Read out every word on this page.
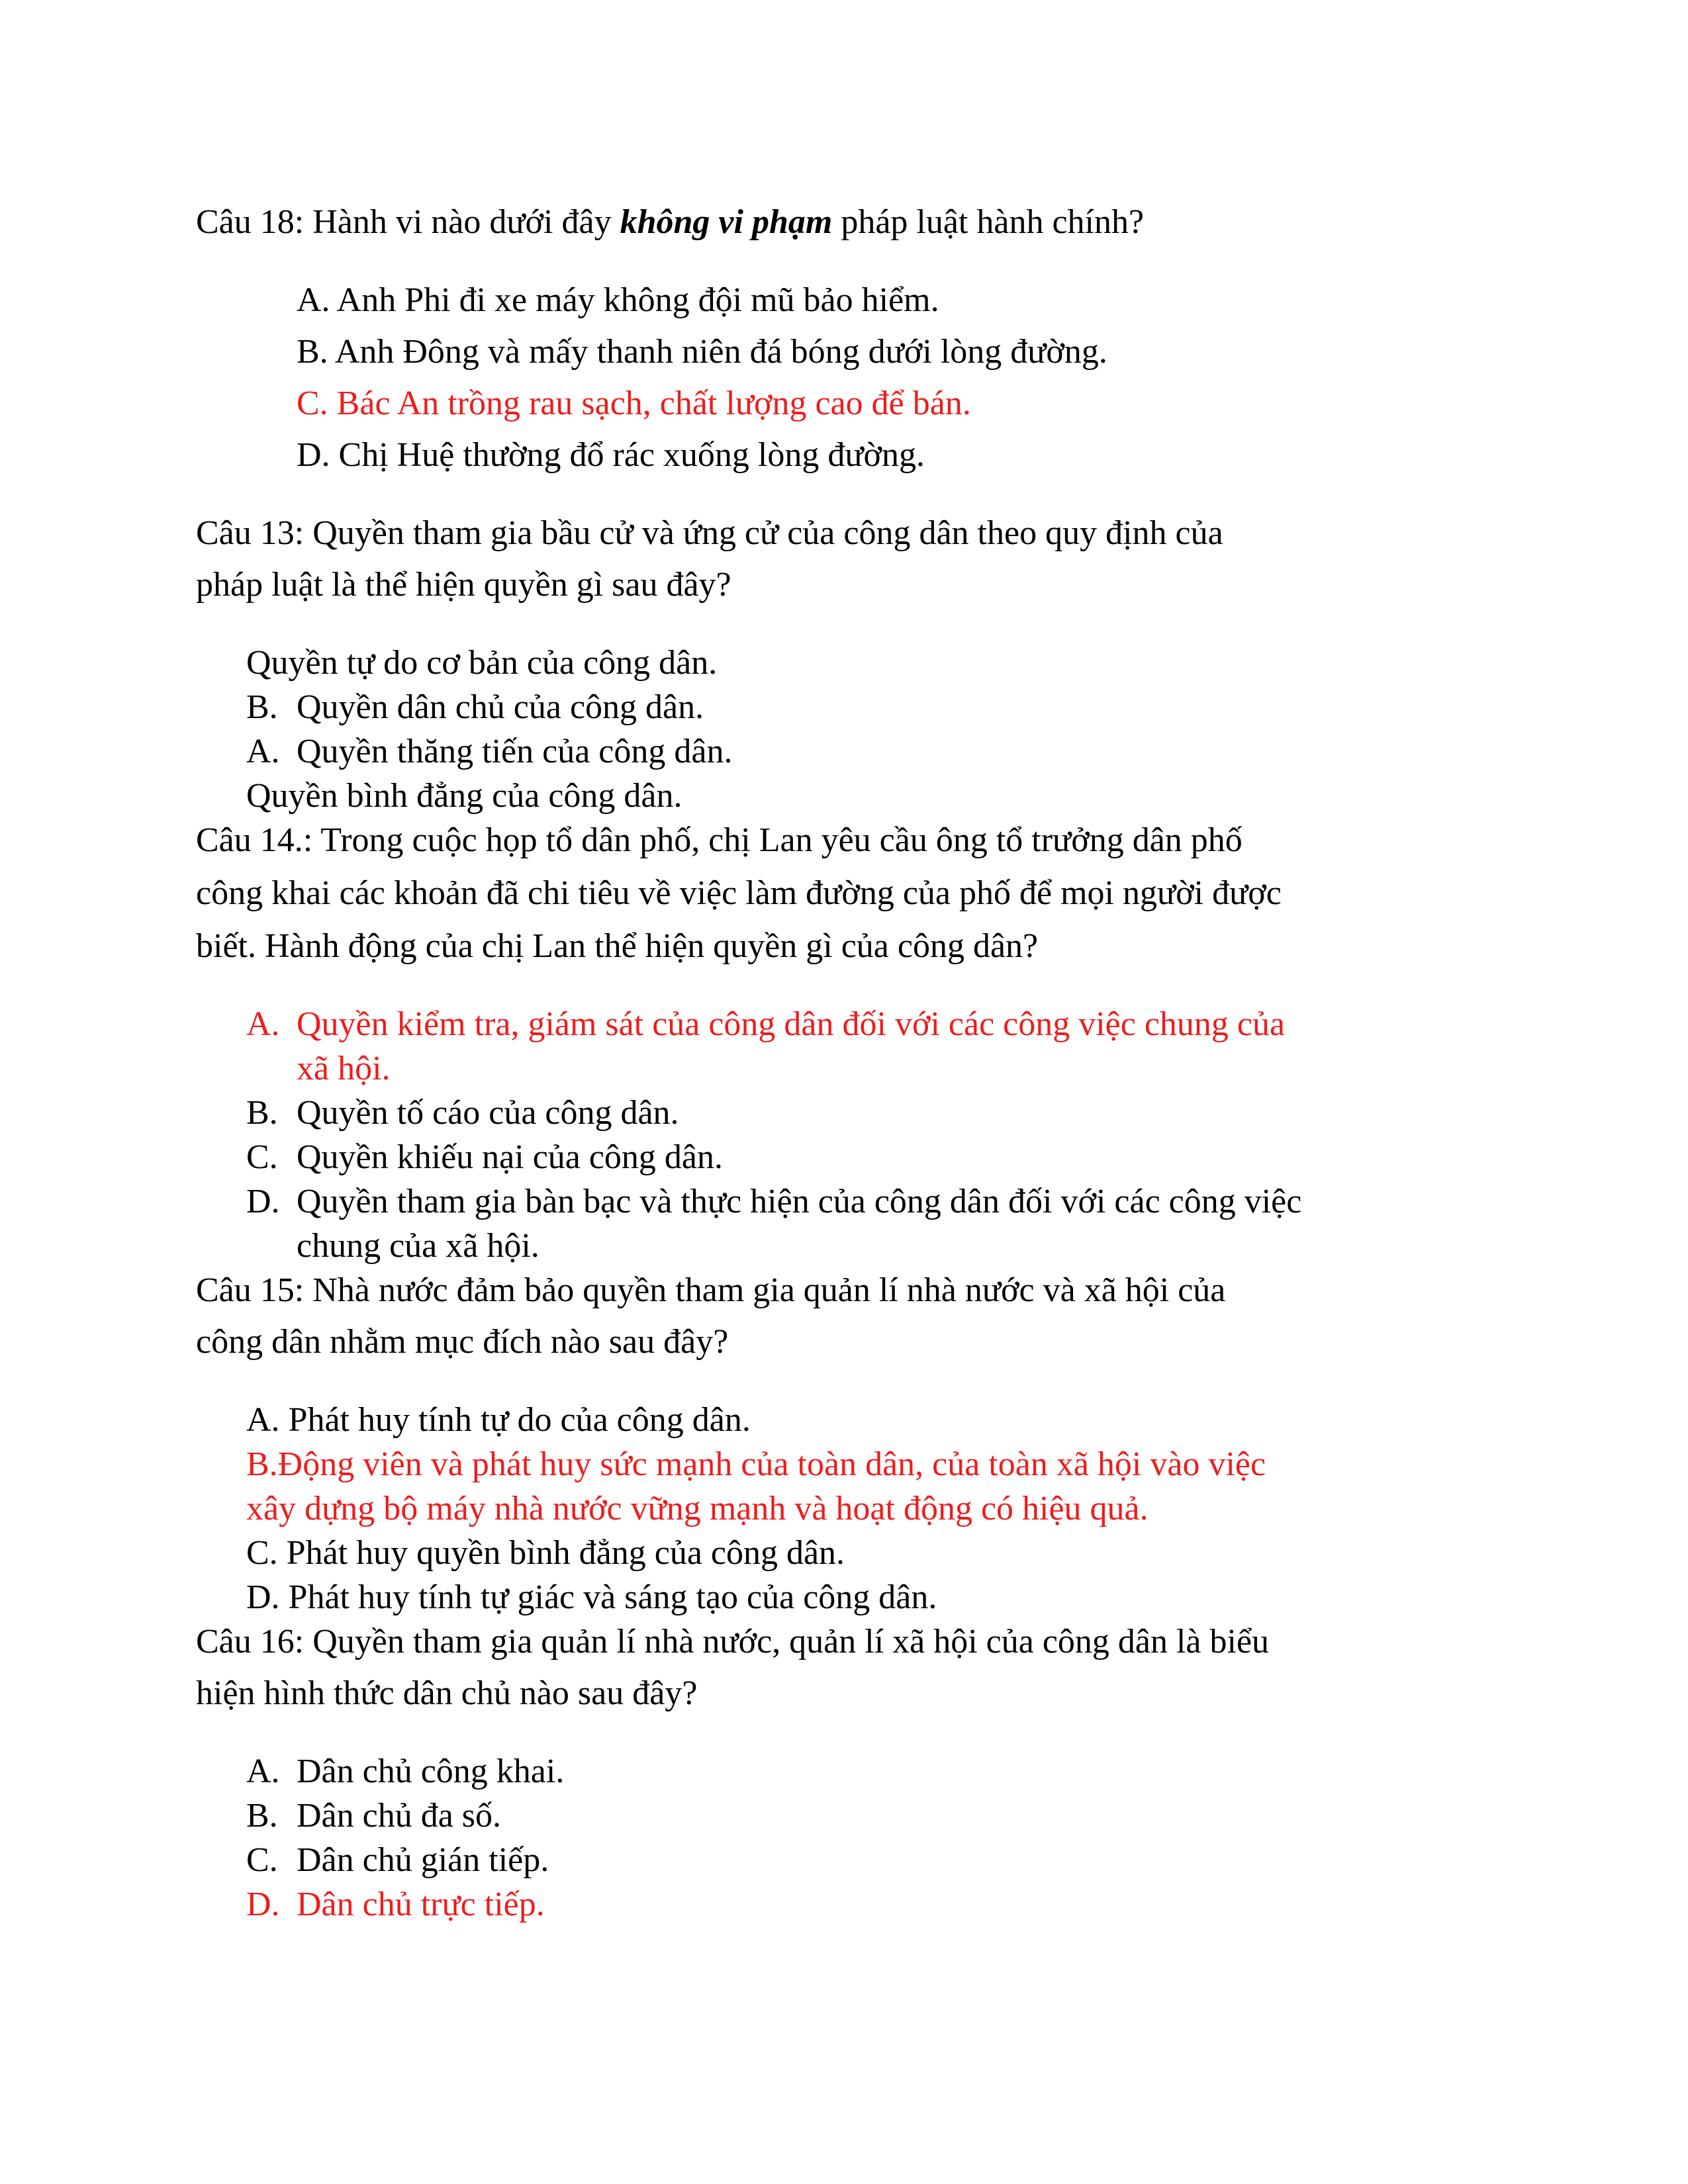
Câu 18: Hành vi nào dưới đây không vi phạm pháp luật hành chính?
A. Anh Phi đi xe máy không đội mũ bảo hiểm.
B. Anh Đông và mấy thanh niên đá bóng dưới lòng đường.
C. Bác An trồng rau sạch, chất lượng cao để bán.
D. Chị Huệ thường đổ rác xuống lòng đường.
Câu 13: Quyền tham gia bầu cử và ứng cử của công dân theo quy định của
pháp luật là thể hiện quyền gì sau đây?
Quyền tự do cơ bản của công dân.
B. Quyền dân chủ của công dân.
A. Quyền thăng tiến của công dân.
Quyền bình đẳng của công dân.
Câu 14.: Trong cuộc họp tổ dân phố, chị Lan yêu cầu ông tổ trưởng dân phố
công khai các khoản đã chi tiêu về việc làm đường của phố để mọi người được
biết. Hành động của chị Lan thể hiện quyền gì của công dân?
A. Quyền kiểm tra, giám sát của công dân đối với các công việc chung của
xã hội.
B. Quyền tố cáo của công dân.
C. Quyền khiếu nại của công dân.
D. Quyền tham gia bàn bạc và thực hiện của công dân đối với các công việc
chung của xã hội.
Câu 15: Nhà nước đảm bảo quyền tham gia quản lí nhà nước và xã hội của
công dân nhằm mục đích nào sau đây?
A. Phát huy tính tự do của công dân.
B.Động viên và phát huy sức mạnh của toàn dân, của toàn xã hội vào việc
xây dựng bộ máy nhà nước vững mạnh và hoạt động có hiệu quả.
C. Phát huy quyền bình đẳng của công dân.
D. Phát huy tính tự giác và sáng tạo của công dân.
Câu 16: Quyền tham gia quản lí nhà nước, quản lí xã hội của công dân là biểu
hiện hình thức dân chủ nào sau đây?
A. Dân chủ công khai.
B. Dân chủ đa số.
C. Dân chủ gián tiếp.
D. Dân chủ trực tiếp.
